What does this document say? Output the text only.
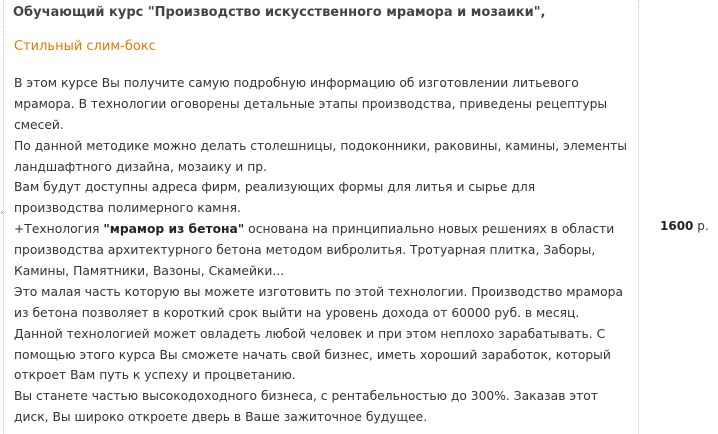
›
Обучающий курс "Производство искусственного мрамора и мозаики",
Стильный слим-бокс
В этом курсе Вы получите самую подробную информацию об изготовлении литьевого
мрамора. В технологии оговорены детальные этапы производства, приведены рецептуры
смесей.
По данной методике можно делать столешницы, подоконники, раковины, камины, элементы
ландшафтного дизайна, мозаику и пр.
Вам будут доступны адреса фирм, реализующих формы для литья и сырье для
производства полимерного камня.
+Технология "мрамор из бетона" основана на принципиально новых решениях в области
производства архитектурного бетона методом вибролитья. Тротуарная плитка, Заборы,
Камины, Памятники, Вазоны, Скамейки...
Это малая часть которую вы можете изготовить по этой технологии. Производство мрамора
из бетона позволяет в короткий срок выйти на уровень дохода от 60000 руб. в месяц.
Данной технологией может овладеть любой человек и при этом неплохо зарабатывать. С
помощью этого курса Вы сможете начать свой бизнес, иметь хороший заработок, который
откроет Вам путь к успеху и процветанию.
Вы станете частью высокодоходного бизнеса, с рентабельностью до 300%. Заказав этот
диск, Вы широко откроете дверь в Ваше зажиточное будущее.
1600 р.
